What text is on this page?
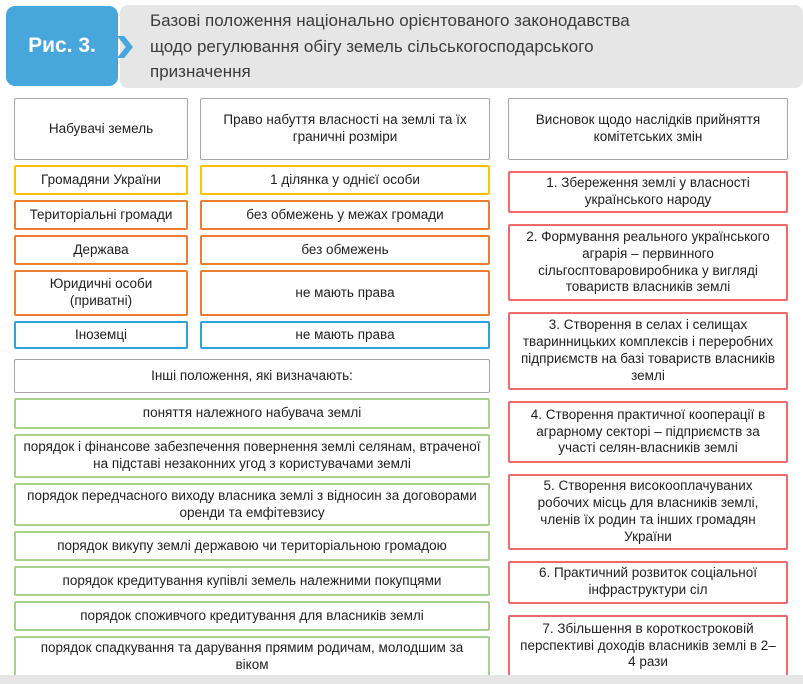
Рис. 3.
Базові положення національно орієнтованого законодавства щодо регулювання обігу земель сільськогосподарського призначення
Набувачі земель
Громадяни України
Територіальні громади
Держава
Юридичні особи (приватні)
Іноземці
Право набуття власності на землі та їх граничні розміри
1 ділянка у однієї особи
без обмежень у межах громади
без обмежень
не мають права
не мають права
Інші положення, які визначають:
поняття належного набувача землі
порядок і фінансове забезпечення повернення землі селянам, втраченої на підставі незаконних угод з користувачами землі
порядок передчасного виходу власника землі з відносин за договорами оренди та емфітевзису
порядок викупу землі державою чи територіальною громадою
порядок кредитування купівлі земель належними покупцями
порядок споживчого кредитування для власників землі
порядок спадкування та дарування прямим родичам, молодшим за віком
Висновок щодо наслідків прийняття комітетських змін
1. Збереження землі у власності українського народу
2. Формування реального українського аграрія – первинного сільгосптоваровиробника у вигляді товариств власників землі
3. Створення в селах і селищах тваринницьких комплексів і переробних підприємств на базі товариств власників землі
4. Створення практичної кооперації в аграрному секторі – підприємств за участі селян-власників землі
5. Створення високооплачуваних робочих місць для власників землі, членів їх родин та інших громадян України
6. Практичний розвиток соціальної інфраструктури сіл
7. Збільшення в короткостроковій перспективі доходів власників землі в 2–4 рази
